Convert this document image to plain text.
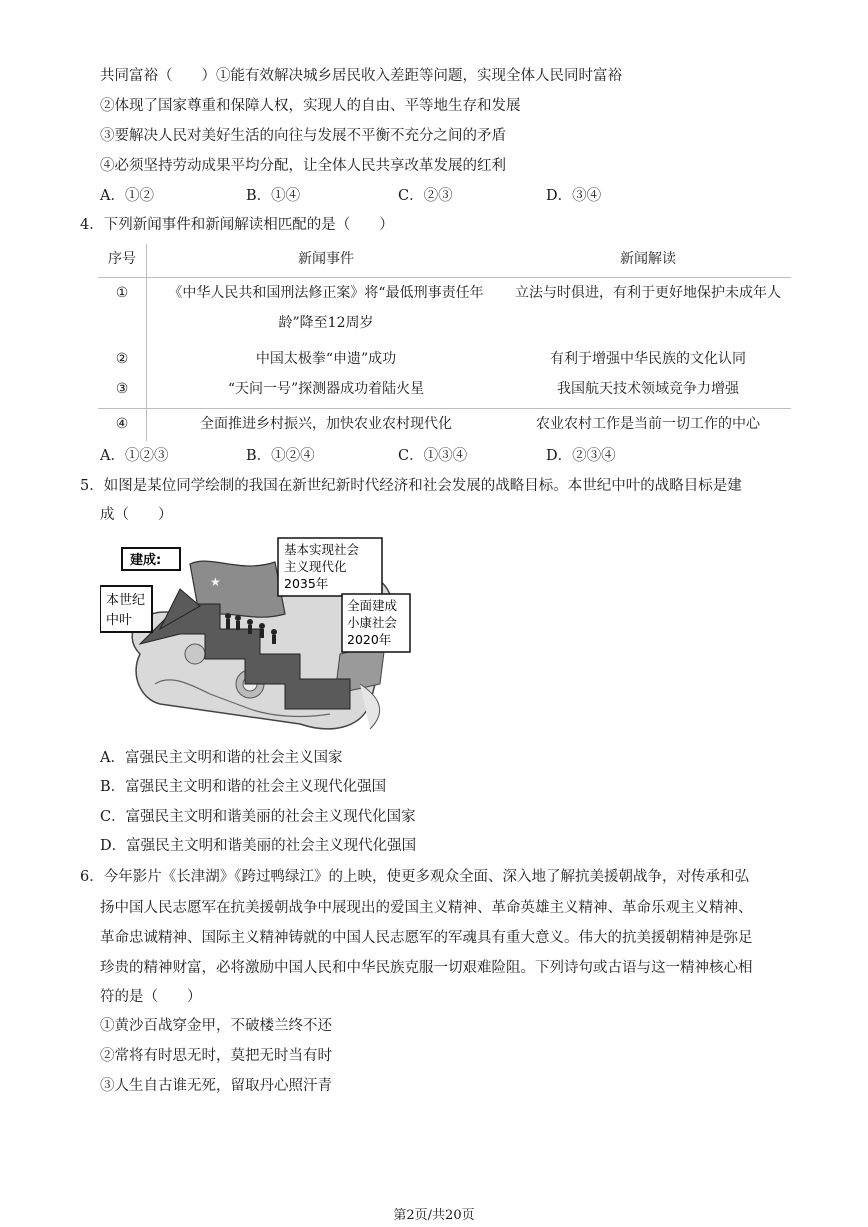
共同富裕（　　）①能有效解决城乡居民收入差距等问题，实现全体人民同时富裕
②体现了国家尊重和保障人权，实现人的自由、平等地生存和发展
③要解决人民对美好生活的向往与发展不平衡不充分之间的矛盾
④必须坚持劳动成果平均分配，让全体人民共享改革发展的红利
A．①②	B．①④	C．②③	D．③④
4．下列新闻事件和新闻解读相匹配的是（　　）
序号	新闻事件	新闻解读
①	《中华人民共和国刑法修正案》将“最低刑事责任年龄”降至12周岁	立法与时俱进，有利于更好地保护未成年人
②	中国太极拳“申遗”成功	有利于增强中华民族的文化认同
③	“天问一号”探测器成功着陆火星	我国航天技术领域竞争力增强
④	全面推进乡村振兴，加快农业农村现代化	农业农村工作是当前一切工作的中心
A．①②③	B．①②④	C．①③④	D．②③④
5．如图是某位同学绘制的我国在新世纪新时代经济和社会发展的战略目标。本世纪中叶的战略目标是建
成（　　）
★
建成:
本世纪
中叶
基本实现社会
主义现代化
2035年
全面建成
小康社会
2020年
A．富强民主文明和谐的社会主义国家
B．富强民主文明和谐的社会主义现代化强国
C．富强民主文明和谐美丽的社会主义现代化国家
D．富强民主文明和谐美丽的社会主义现代化强国
6．今年影片《长津湖》《跨过鸭绿江》的上映，使更多观众全面、深入地了解抗美援朝战争，对传承和弘
扬中国人民志愿军在抗美援朝战争中展现出的爱国主义精神、革命英雄主义精神、革命乐观主义精神、
革命忠诚精神、国际主义精神铸就的中国人民志愿军的军魂具有重大意义。伟大的抗美援朝精神是弥足
珍贵的精神财富，必将激励中国人民和中华民族克服一切艰难险阻。下列诗句或古语与这一精神核心相
符的是（　　）
①黄沙百战穿金甲，不破楼兰终不还
②常将有时思无时，莫把无时当有时
③人生自古谁无死，留取丹心照汗青
第2页/共20页
